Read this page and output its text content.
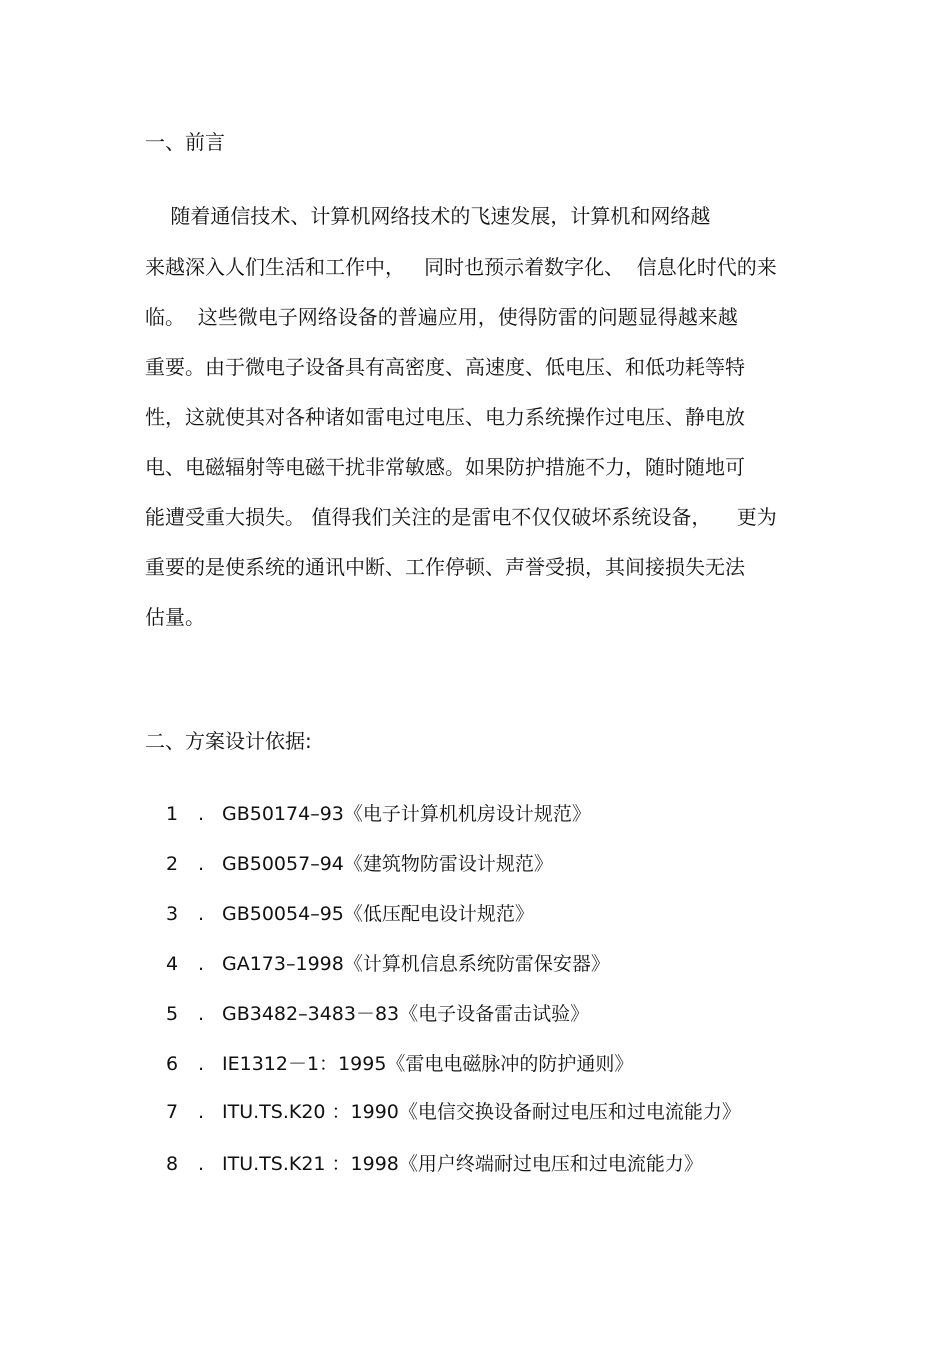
一、前言
随着通信技术、计算机网络技术的飞速发展，计算机和网络越
来越深入人们生活和工作中，   同时也预示着数字化、  信息化时代的来
临。  这些微电子网络设备的普遍应用，使得防雷的问题显得越来越
重要。由于微电子设备具有高密度、高速度、低电压、和低功耗等特
性，这就使其对各种诸如雷电过电压、电力系统操作过电压、静电放
电、电磁辐射等电磁干扰非常敏感。如果防护措施不力，随时随地可
能遭受重大损失。 值得我们关注的是雷电不仅仅破坏系统设备，    更为
重要的是使系统的通讯中断、工作停顿、声誉受损，其间接损失无法
估量。
二、方案设计依据:
1 . GB50174–93《电子计算机机房设计规范》
2 . GB50057–94《建筑物防雷设计规范》
3 . GB50054–95《低压配电设计规范》
4 . GA173–1998《计算机信息系统防雷保安器》
5 . GB3482–3483－83《电子设备雷击试验》
6 . IE1312－1：1995《雷电电磁脉冲的防护通则》
7 . ITU.TS.K20 ：1990《电信交换设备耐过电压和过电流能力》
8 . ITU.TS.K21 ：1998《用户终端耐过电压和过电流能力》
